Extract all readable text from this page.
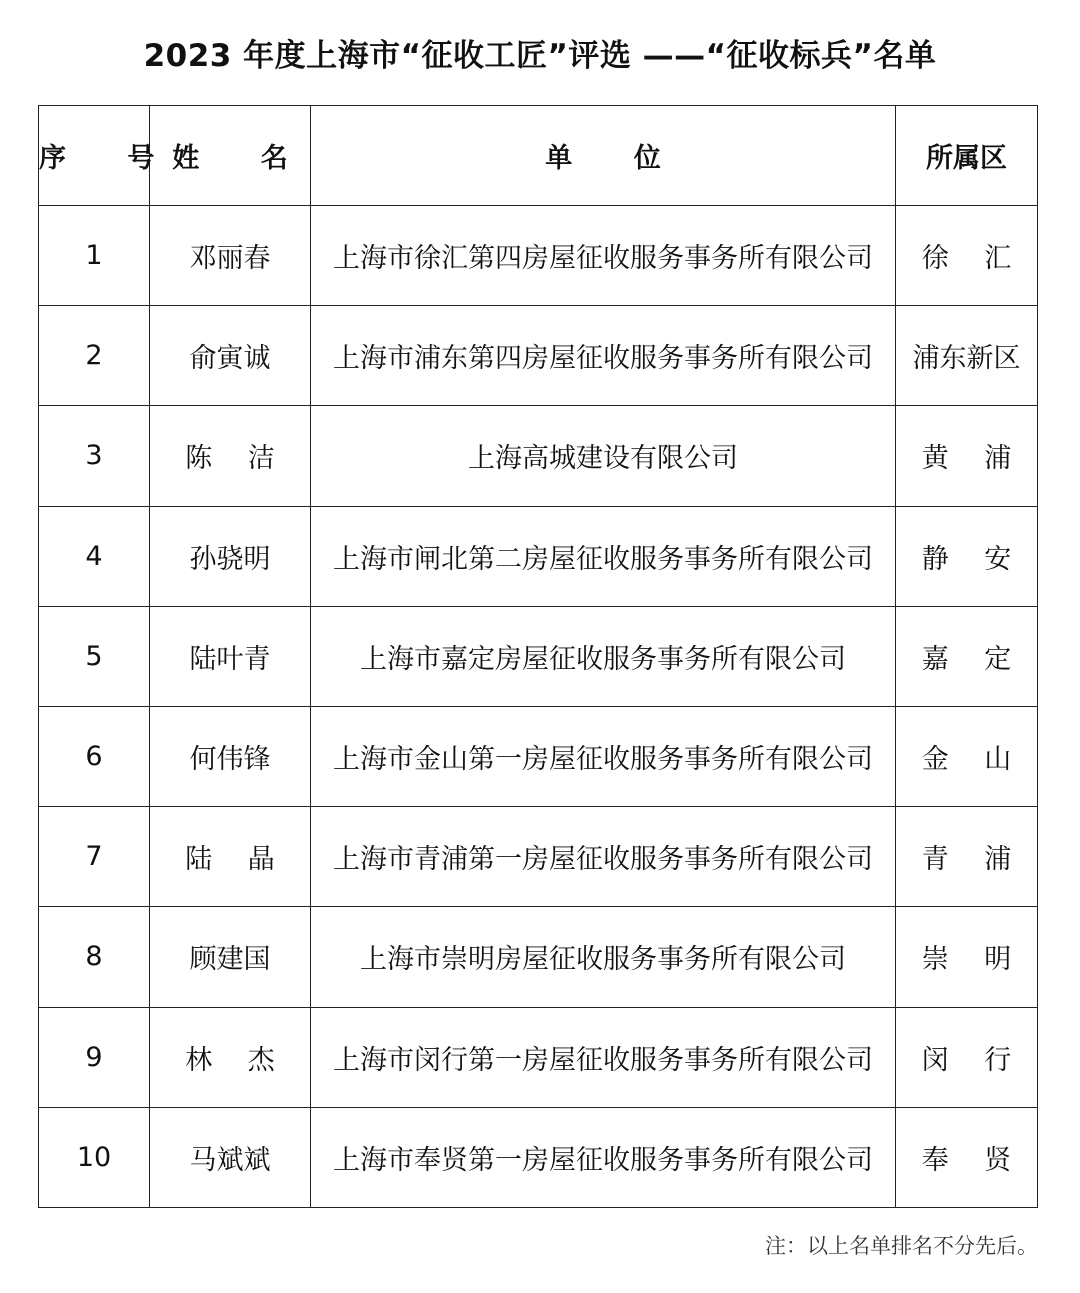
2023 年度上海市“征收工匠”评选 ——“征收标兵”名单
序 号	姓 名	单 位	所属区
1	邓丽春	上海市徐汇第四房屋征收服务事务所有限公司	徐　 汇
2	俞寅诚	上海市浦东第四房屋征收服务事务所有限公司	浦东新区
3	陈　 洁	上海高城建设有限公司	黄　 浦
4	孙骁明	上海市闸北第二房屋征收服务事务所有限公司	静　 安
5	陆叶青	上海市嘉定房屋征收服务事务所有限公司	嘉　 定
6	何伟锋	上海市金山第一房屋征收服务事务所有限公司	金　 山
7	陆　 晶	上海市青浦第一房屋征收服务事务所有限公司	青　 浦
8	顾建国	上海市崇明房屋征收服务事务所有限公司	崇　 明
9	林　 杰	上海市闵行第一房屋征收服务事务所有限公司	闵　 行
10	马斌斌	上海市奉贤第一房屋征收服务事务所有限公司	奉　 贤
注：以上名单排名不分先后。
